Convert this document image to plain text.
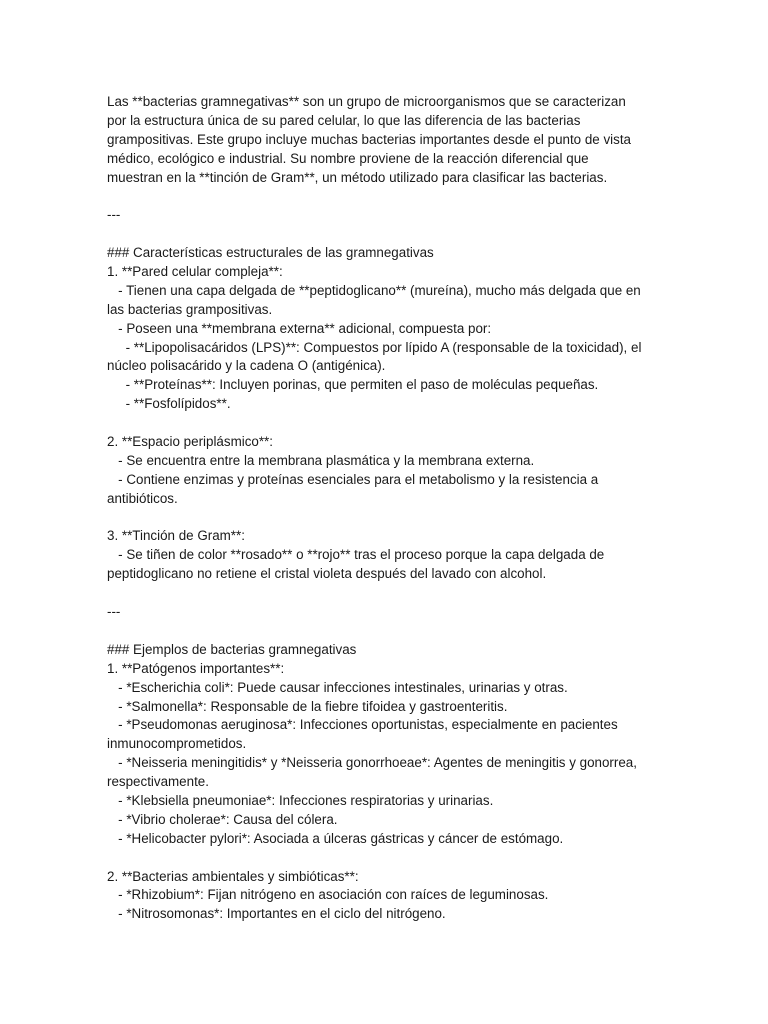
Las **bacterias gramnegativas** son un grupo de microorganismos que se caracterizan

por la estructura única de su pared celular, lo que las diferencia de las bacterias

grampositivas. Este grupo incluye muchas bacterias importantes desde el punto de vista

médico, ecológico e industrial. Su nombre proviene de la reacción diferencial que

muestran en la **tinción de Gram**, un método utilizado para clasificar las bacterias.

---

### Características estructurales de las gramnegativas

1. **Pared celular compleja**:

- Tienen una capa delgada de **peptidoglicano** (mureína), mucho más delgada que en

las bacterias grampositivas.

- Poseen una **membrana externa** adicional, compuesta por:

- **Lipopolisacáridos (LPS)**: Compuestos por lípido A (responsable de la toxicidad), el

núcleo polisacárido y la cadena O (antigénica).

- **Proteínas**: Incluyen porinas, que permiten el paso de moléculas pequeñas.

- **Fosfolípidos**.

2. **Espacio periplásmico**:

- Se encuentra entre la membrana plasmática y la membrana externa.

- Contiene enzimas y proteínas esenciales para el metabolismo y la resistencia a

antibióticos.

3. **Tinción de Gram**:

- Se tiñen de color **rosado** o **rojo** tras el proceso porque la capa delgada de

peptidoglicano no retiene el cristal violeta después del lavado con alcohol.

---

### Ejemplos de bacterias gramnegativas

1. **Patógenos importantes**:

- *Escherichia coli*: Puede causar infecciones intestinales, urinarias y otras.

- *Salmonella*: Responsable de la fiebre tifoidea y gastroenteritis.

- *Pseudomonas aeruginosa*: Infecciones oportunistas, especialmente en pacientes

inmunocomprometidos.

- *Neisseria meningitidis* y *Neisseria gonorrhoeae*: Agentes de meningitis y gonorrea,

respectivamente.

- *Klebsiella pneumoniae*: Infecciones respiratorias y urinarias.

- *Vibrio cholerae*: Causa del cólera.

- *Helicobacter pylori*: Asociada a úlceras gástricas y cáncer de estómago.

2. **Bacterias ambientales y simbióticas**:

- *Rhizobium*: Fijan nitrógeno en asociación con raíces de leguminosas.

- *Nitrosomonas*: Importantes en el ciclo del nitrógeno.
